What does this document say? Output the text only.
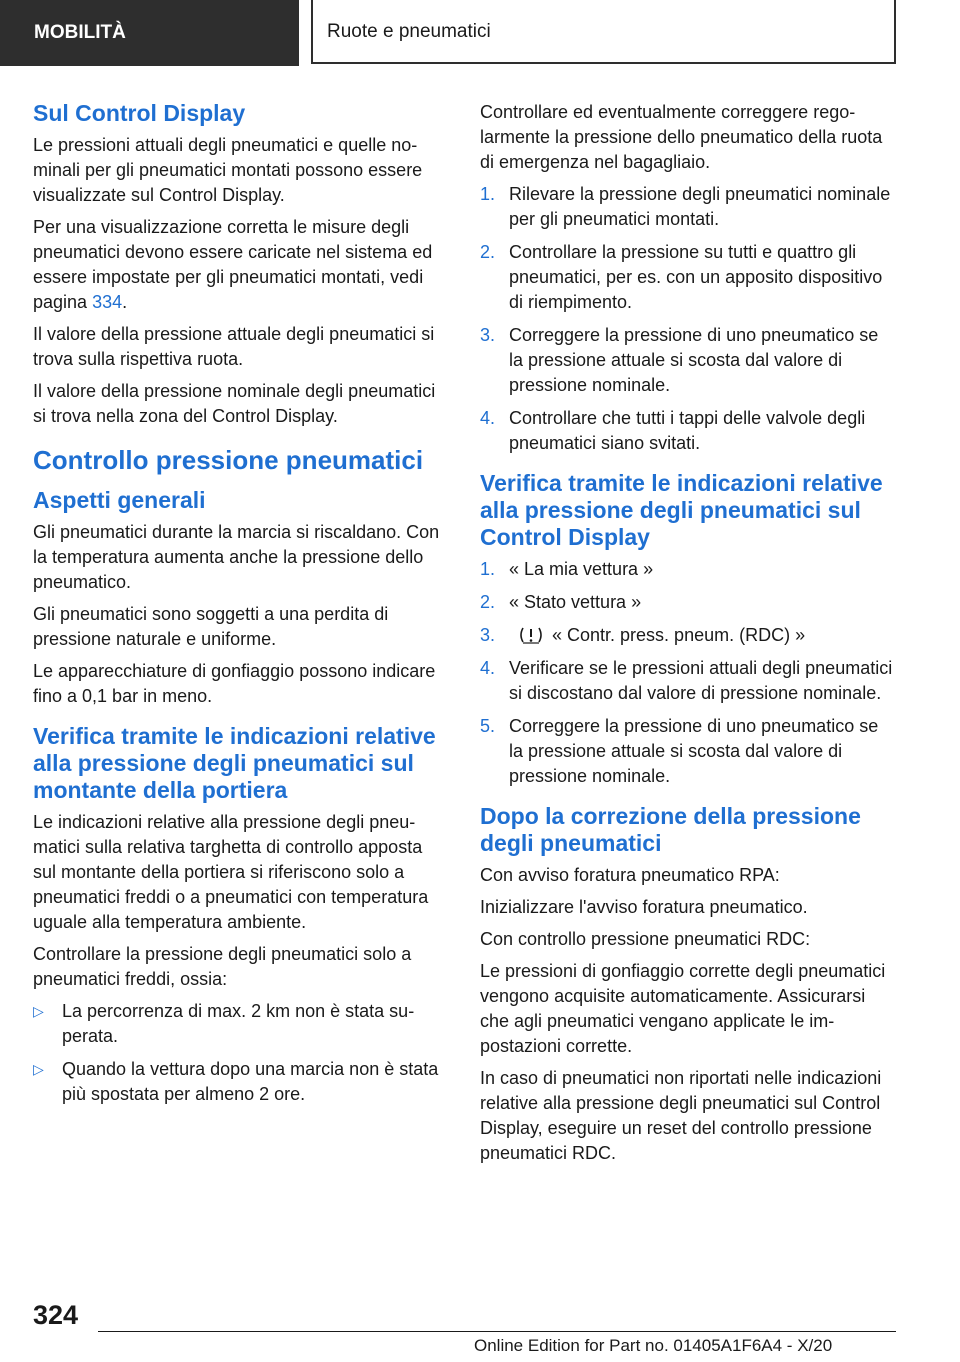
MOBILITÀ	Ruote e pneumatici
Sul Control Display

Le pressioni attuali degli pneumatici e quelle nominali per gli pneumatici montati possono essere visualizzate sul Control Display.

Per una visualizzazione corretta le misure degli pneumatici devono essere caricate nel sistema ed essere impostate per gli pneumatici montati, vedi pagina 334.

Il valore della pressione attuale degli pneumatici si trova sulla rispettiva ruota.

Il valore della pressione nominale degli pneumatici si trova nella zona del Control Display.

Controllo pressione pneumatici
Aspetti generali

Gli pneumatici durante la marcia si riscaldano. Con la temperatura aumenta anche la pressione dello pneumatico.

Gli pneumatici sono soggetti a una perdita di pressione naturale e uniforme.

Le apparecchiature di gonfiaggio possono indicare fino a 0,1 bar in meno.

Verifica tramite le indicazioni relative alla pressione degli pneumatici sul montante della portiera

Le indicazioni relative alla pressione degli pneumatici sulla relativa targhetta di controllo apposta sul montante della portiera si riferiscono solo a pneumatici freddi o a pneumatici con temperatura uguale alla temperatura ambiente.

Controllare la pressione degli pneumatici solo a pneumatici freddi, ossia:

▷ La percorrenza di max. 2 km non è stata superata.
▷ Quando la vettura dopo una marcia non è stata più spostata per almeno 2 ore.

Controllare ed eventualmente correggere regolarmente la pressione dello pneumatico della ruota di emergenza nel bagagliaio.

1. Rilevare la pressione degli pneumatici nominale per gli pneumatici montati.
2. Controllare la pressione su tutti e quattro gli pneumatici, per es. con un apposito dispositivo di riempimento.
3. Correggere la pressione di uno pneumatico se la pressione attuale si scosta dal valore di pressione nominale.
4. Controllare che tutti i tappi delle valvole degli pneumatici siano svitati.
Verifica tramite le indicazioni relative alla pressione degli pneumatici sul Control Display
1. « La mia vettura »
2. « Stato vettura »
3.	« Contr. press. pneum. (RDC) »
4. Verificare se le pressioni attuali degli pneumatici si discostano dal valore di pressione nominale.
5. Correggere la pressione di uno pneumatico se la pressione attuale si scosta dal valore di pressione nominale.
Dopo la correzione della pressione degli pneumatici

Con avviso foratura pneumatico RPA:

Inizializzare l'avviso foratura pneumatico.

Con controllo pressione pneumatici RDC:

Le pressioni di gonfiaggio corrette degli pneumatici vengono acquisite automaticamente. Assicurarsi che agli pneumatici vengano applicate le impostazioni corrette.

In caso di pneumatici non riportati nelle indicazioni relative alla pressione degli pneumatici sul Control Display, eseguire un reset del controllo pressione pneumatici RDC.

324
Online Edition for Part no. 01405A1F6A4 - X/20
